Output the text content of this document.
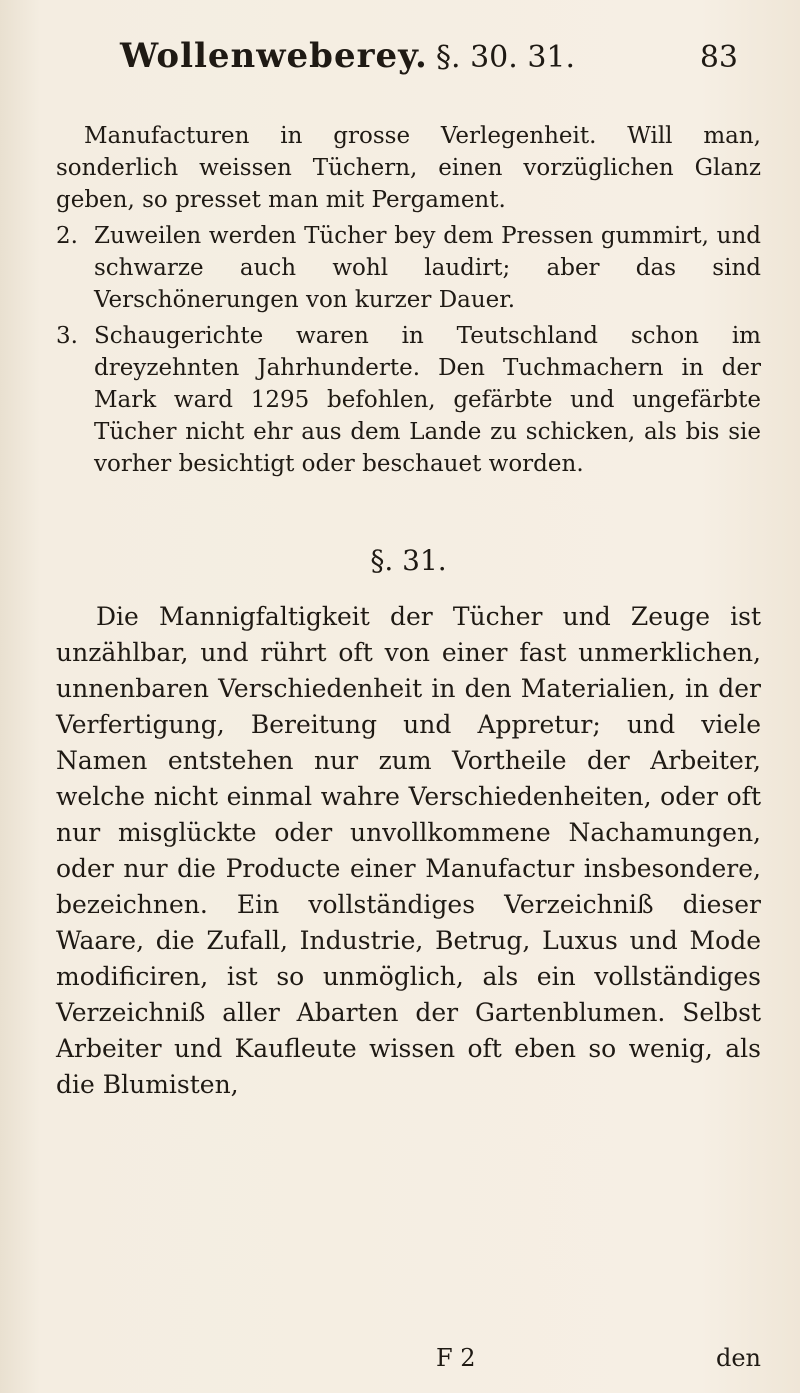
Wollenweberey. §. 30. 31.	83

Manufacturen in grosse Verlegenheit. Will man, sonderlich weissen Tüchern, einen vorzüglichen Glanz geben, so presset man mit Pergament.

2. Zuweilen werden Tücher bey dem Pressen gummirt, und schwarze auch wohl laudirt; aber das sind Verschönerungen von kurzer Dauer.

3. Schaugerichte waren in Teutschland schon im dreyzehnten Jahrhunderte. Den Tuchmachern in der Mark ward 1295 befohlen, gefärbte und ungefärbte Tücher nicht ehr aus dem Lande zu schicken, als bis sie vorher besichtigt oder beschauet worden.

§. 31.

Die Mannigfaltigkeit der Tücher und Zeuge ist unzählbar, und rührt oft von einer fast unmerklichen, unnenbaren Verschiedenheit in den Materialien, in der Verfertigung, Bereitung und Appretur; und viele Namen entstehen nur zum Vortheile der Arbeiter, welche nicht einmal wahre Verschiedenheiten, oder oft nur misglückte oder unvollkommene Nachamungen, oder nur die Producte einer Manufactur insbesondere, bezeichnen. Ein vollständiges Verzeichniß dieser Waare, die Zufall, Industrie, Betrug, Luxus und Mode modificiren, ist so unmöglich, als ein vollständiges Verzeichniß aller Abarten der Gartenblumen. Selbst Arbeiter und Kaufleute wissen oft eben so wenig, als die Blumisten,

F 2	den
